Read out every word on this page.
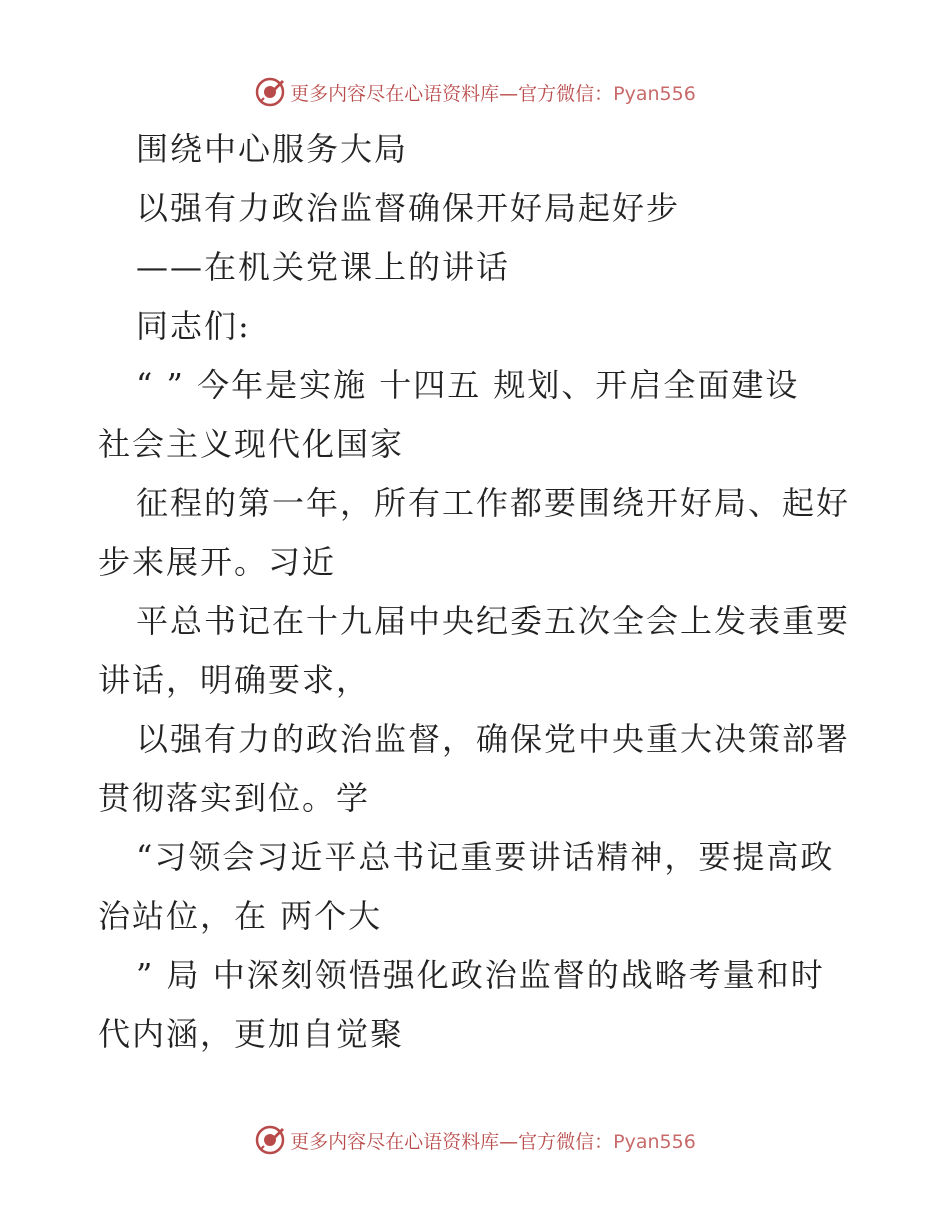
更多内容尽在心语资料库—官方微信：Pyan556
围绕中心服务大局
以强有力政治监督确保开好局起好步
——在机关党课上的讲话
同志们:
“ ” 今年是实施 十四五 规划、开启全面建设
社会主义现代化国家
征程的第一年，所有工作都要围绕开好局、起好
步来展开。习近
平总书记在十九届中央纪委五次全会上发表重要
讲话，明确要求，
以强有力的政治监督，确保党中央重大决策部署
贯彻落实到位。学
“习领会习近平总书记重要讲话精神，要提高政
治站位，在 两个大
” 局 中深刻领悟强化政治监督的战略考量和时
代内涵，更加自觉聚
更多内容尽在心语资料库—官方微信：Pyan556
